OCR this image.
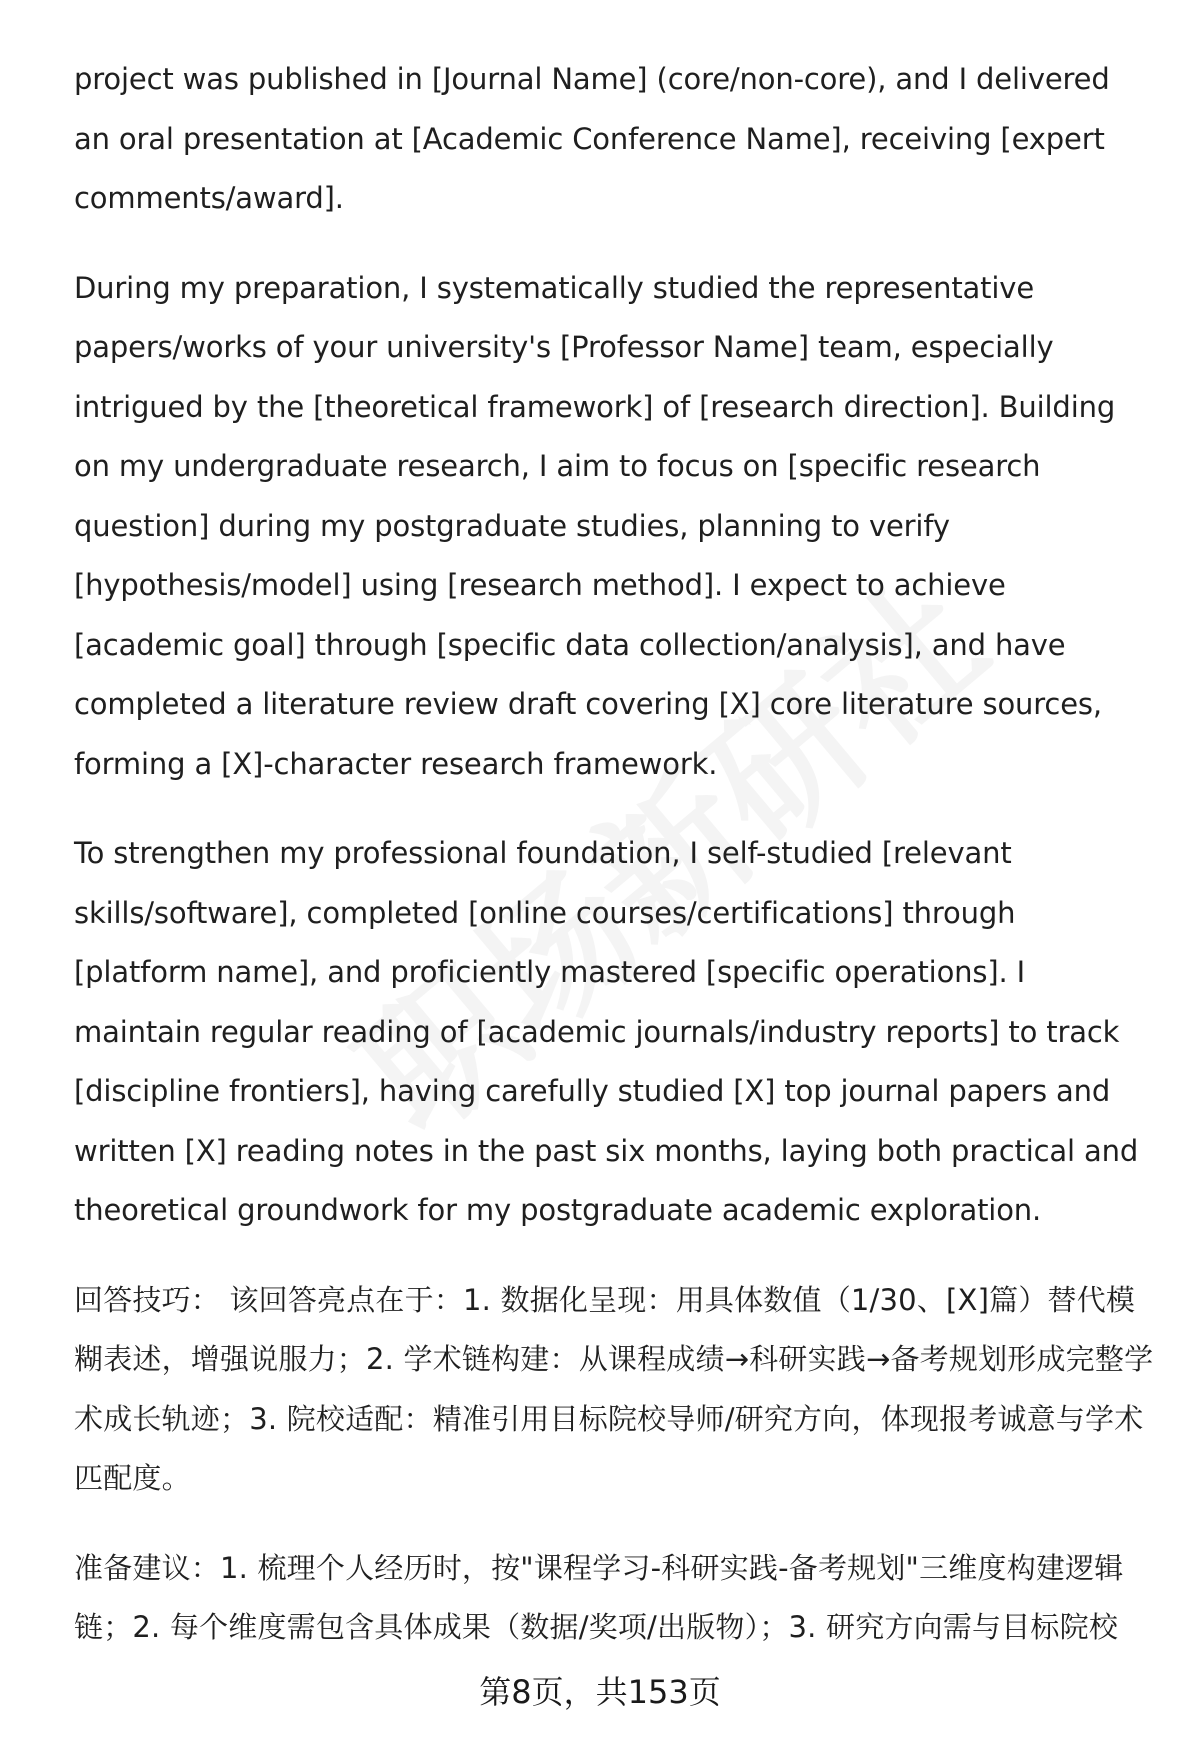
project was published in [Journal Name] (core/non-core), and I delivered an oral presentation at [Academic Conference Name], receiving [expert comments/award].

During my preparation, I systematically studied the representative papers/works of your university's [Professor Name] team, especially intrigued by the [theoretical framework] of [research direction]. Building on my undergraduate research, I aim to focus on [specific research question] during my postgraduate studies, planning to verify [hypothesis/model] using [research method]. I expect to achieve [academic goal] through [specific data collection/analysis], and have completed a literature review draft covering [X] core literature sources, forming a [X]-character research framework.

To strengthen my professional foundation, I self-studied [relevant skills/software], completed [online courses/certifications] through [platform name], and proficiently mastered [specific operations]. I maintain regular reading of [academic journals/industry reports] to track [discipline frontiers], having carefully studied [X] top journal papers and written [X] reading notes in the past six months, laying both practical and theoretical groundwork for my postgraduate academic exploration.

回答技巧： 该回答亮点在于：1. 数据化呈现：用具体数值（1/30、[X]篇）替代模糊表述，增强说服力；2. 学术链构建：从课程成绩→科研实践→备考规划形成完整学术成长轨迹；3. 院校适配：精准引用目标院校导师/研究方向，体现报考诚意与学术匹配度。

准备建议：1. 梳理个人经历时，按"课程学习-科研实践-备考规划"三维度构建逻辑链；2. 每个维度需包含具体成果（数据/奖项/出版物）；3. 研究方向需与目标院校

第8页，共153页
